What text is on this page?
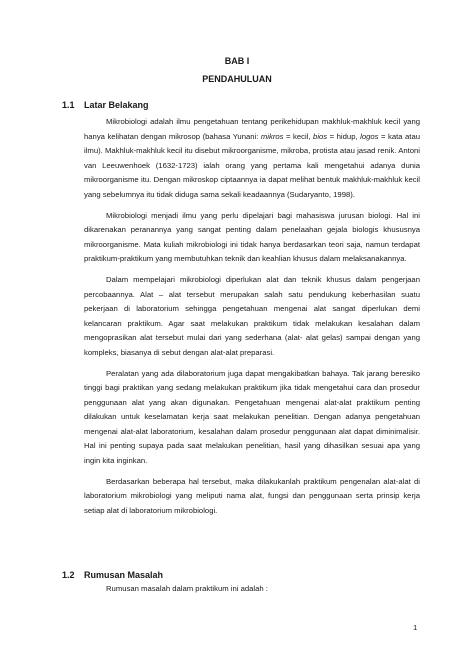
BAB I
PENDAHULUAN
1.1 Latar Belakang

Mikrobiologi adalah ilmu pengetahuan tentang perikehidupan makhluk-makhluk kecil yang hanya kelihatan dengan mikrosop (bahasa Yunani: mikros = kecil, bios = hidup, logos = kata atau ilmu). Makhluk-makhluk kecil itu disebut mikroorganisme, mikroba, protista atau jasad renik. Antoni van Leeuwenhoek (1632-1723) ialah orang yang pertama kali mengetahui adanya dunia mikroorganisme itu. Dengan mikroskop ciptaannya ia dapat melihat bentuk makhluk-makhluk kecil yang sebelumnya itu tidak diduga sama sekali keadaannya (Sudaryanto, 1998).

Mikrobiologi menjadi ilmu yang perlu dipelajari bagi mahasiswa jurusan biologi. Hal ini dikarenakan peranannya yang sangat penting dalam penelaahan gejala biologis khususnya mikroorganisme. Mata kuliah mikrobiologi ini tidak hanya berdasarkan teori saja, namun terdapat praktikum-praktikum yang membutuhkan teknik dan keahlian khusus dalam melaksanakannya.

Dalam mempelajari mikrobiologi diperlukan alat dan teknik khusus dalam pengerjaan percobaannya. Alat – alat tersebut merupakan salah satu pendukung keberhasilan suatu pekerjaan di laboratorium sehingga pengetahuan mengenai alat sangat diperlukan demi kelancaran praktikum. Agar saat melakukan praktikum tidak melakukan kesalahan dalam mengoprasikan alat tersebut mulai dari yang sederhana (alat- alat gelas) sampai dengan yang kompleks, biasanya di sebut dengan alat-alat preparasi.

Peralatan yang ada dilaboratorium juga dapat mengakibatkan bahaya. Tak jarang beresiko tinggi bagi praktikan yang sedang melakukan praktikum jika tidak mengetahui cara dan prosedur penggunaan alat yang akan digunakan. Pengetahuan mengenai alat-alat praktikum penting dilakukan untuk keselamatan kerja saat melakukan penelitian. Dengan adanya pengetahuan mengenai alat-alat laboratorium, kesalahan dalam prosedur penggunaan alat dapat diminimalisir. Hal ini penting supaya pada saat melakukan penelitian, hasil yang dihasilkan sesuai apa yang ingin kita inginkan.

Berdasarkan beberapa hal tersebut, maka dilakukanlah praktikum pengenalan alat-alat di laboratorium mikrobiologi yang meliputi nama alat, fungsi dan penggunaan serta prinsip kerja setiap alat di laboratorium mikrobiologi.

1.2 Rumusan Masalah

Rumusan masalah dalam praktikum ini adalah :

1
